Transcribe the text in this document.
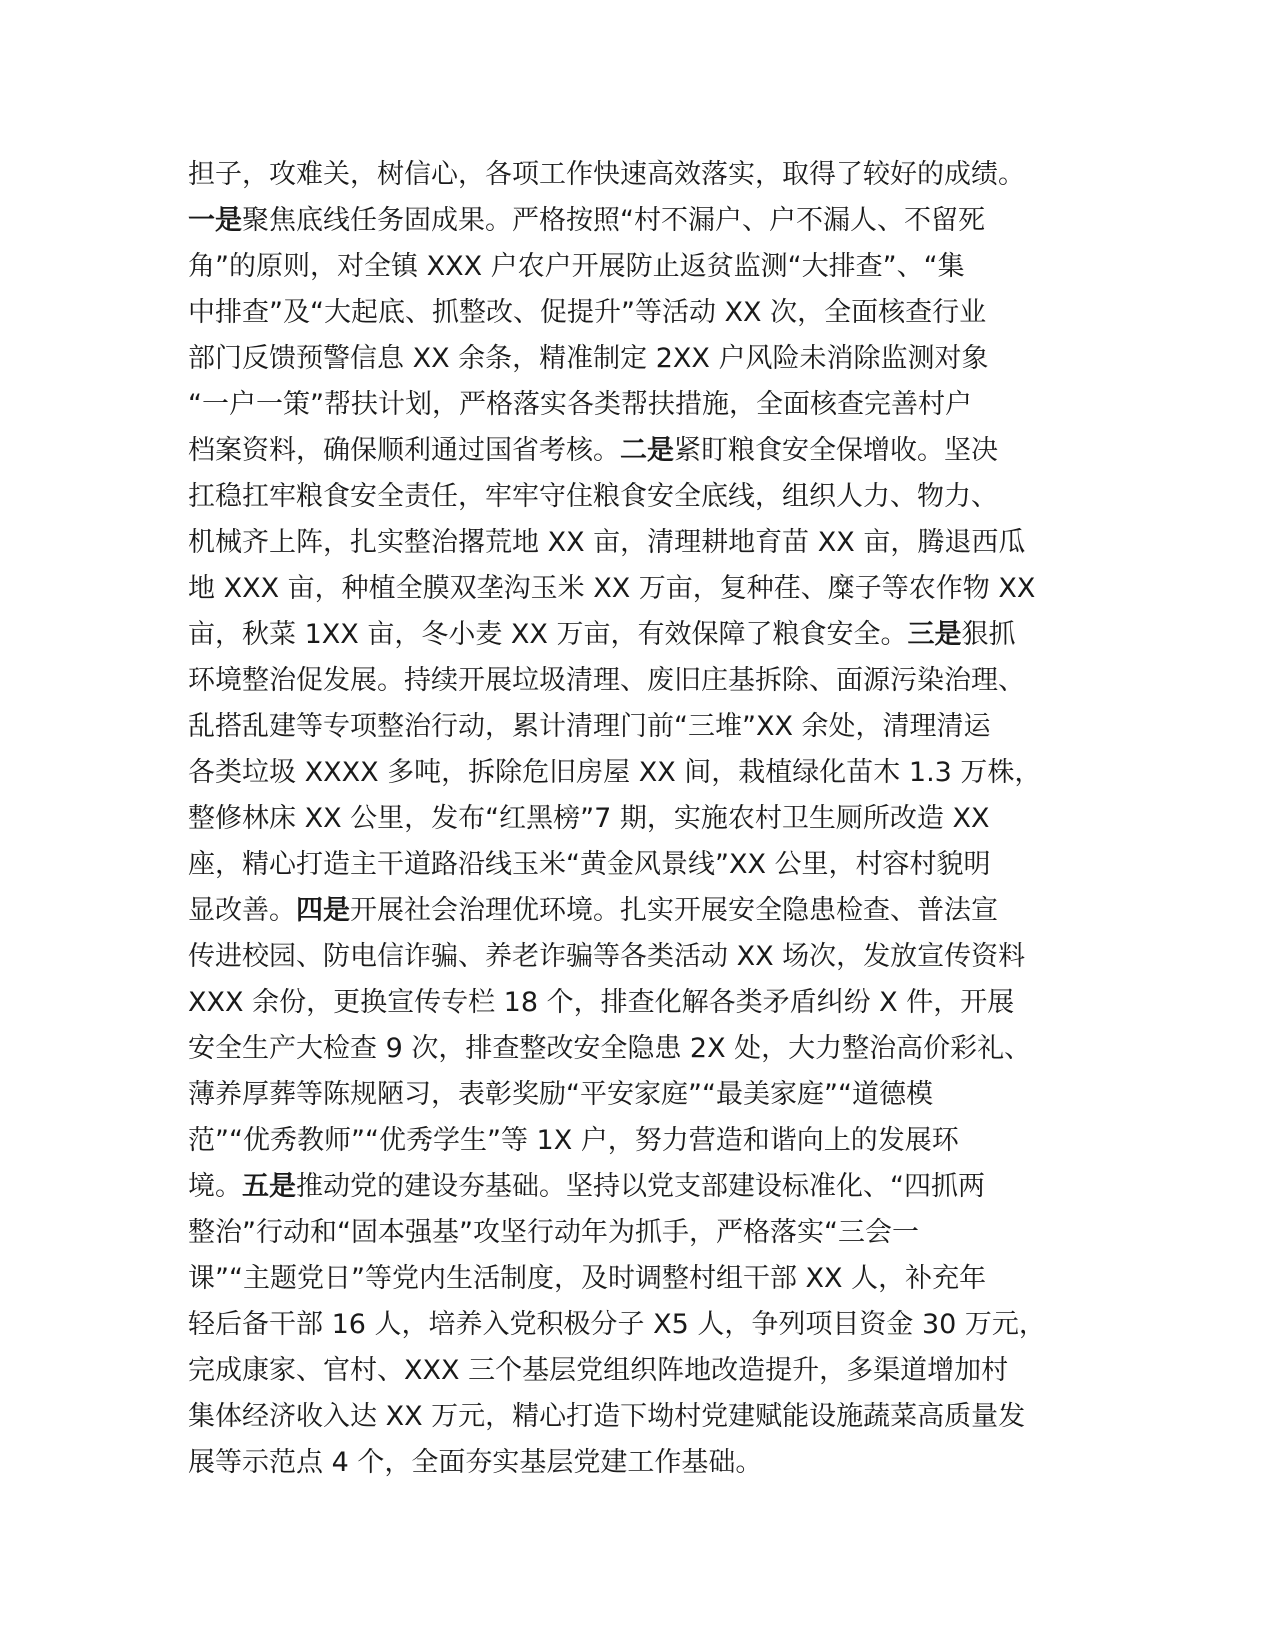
担子，攻难关，树信心，各项工作快速高效落实，取得了较好的成绩。
一是聚焦底线任务固成果。严格按照“村不漏户、户不漏人、不留死
角”的原则，对全镇 XXX 户农户开展防止返贫监测“大排查”、“集
中排查”及“大起底、抓整改、促提升”等活动 XX 次，全面核查行业
部门反馈预警信息 XX 余条，精准制定 2XX 户风险未消除监测对象
“一户一策”帮扶计划，严格落实各类帮扶措施，全面核查完善村户
档案资料，确保顺利通过国省考核。二是紧盯粮食安全保增收。坚决
扛稳扛牢粮食安全责任，牢牢守住粮食安全底线，组织人力、物力、
机械齐上阵，扎实整治撂荒地 XX 亩，清理耕地育苗 XX 亩，腾退西瓜
地 XXX 亩，种植全膜双垄沟玉米 XX 万亩，复种荏、糜子等农作物 XX
亩，秋菜 1XX 亩，冬小麦 XX 万亩，有效保障了粮食安全。三是狠抓
环境整治促发展。持续开展垃圾清理、废旧庄基拆除、面源污染治理、
乱搭乱建等专项整治行动，累计清理门前“三堆”XX 余处，清理清运
各类垃圾 XXXX 多吨，拆除危旧房屋 XX 间，栽植绿化苗木 1.3 万株，
整修林床 XX 公里，发布“红黑榜”7 期，实施农村卫生厕所改造 XX
座，精心打造主干道路沿线玉米“黄金风景线”XX 公里，村容村貌明
显改善。四是开展社会治理优环境。扎实开展安全隐患检查、普法宣
传进校园、防电信诈骗、养老诈骗等各类活动 XX 场次，发放宣传资料
XXX 余份，更换宣传专栏 18 个，排查化解各类矛盾纠纷 X 件，开展
安全生产大检查 9 次，排查整改安全隐患 2X 处，大力整治高价彩礼、
薄养厚葬等陈规陋习，表彰奖励“平安家庭”“最美家庭”“道德模
范”“优秀教师”“优秀学生”等 1X 户，努力营造和谐向上的发展环
境。五是推动党的建设夯基础。坚持以党支部建设标准化、“四抓两
整治”行动和“固本强基”攻坚行动年为抓手，严格落实“三会一
课”“主题党日”等党内生活制度，及时调整村组干部 XX 人，补充年
轻后备干部 16 人，培养入党积极分子 X5 人，争列项目资金 30 万元，
完成康家、官村、XXX 三个基层党组织阵地改造提升，多渠道增加村
集体经济收入达 XX 万元，精心打造下坳村党建赋能设施蔬菜高质量发
展等示范点 4 个，全面夯实基层党建工作基础。
